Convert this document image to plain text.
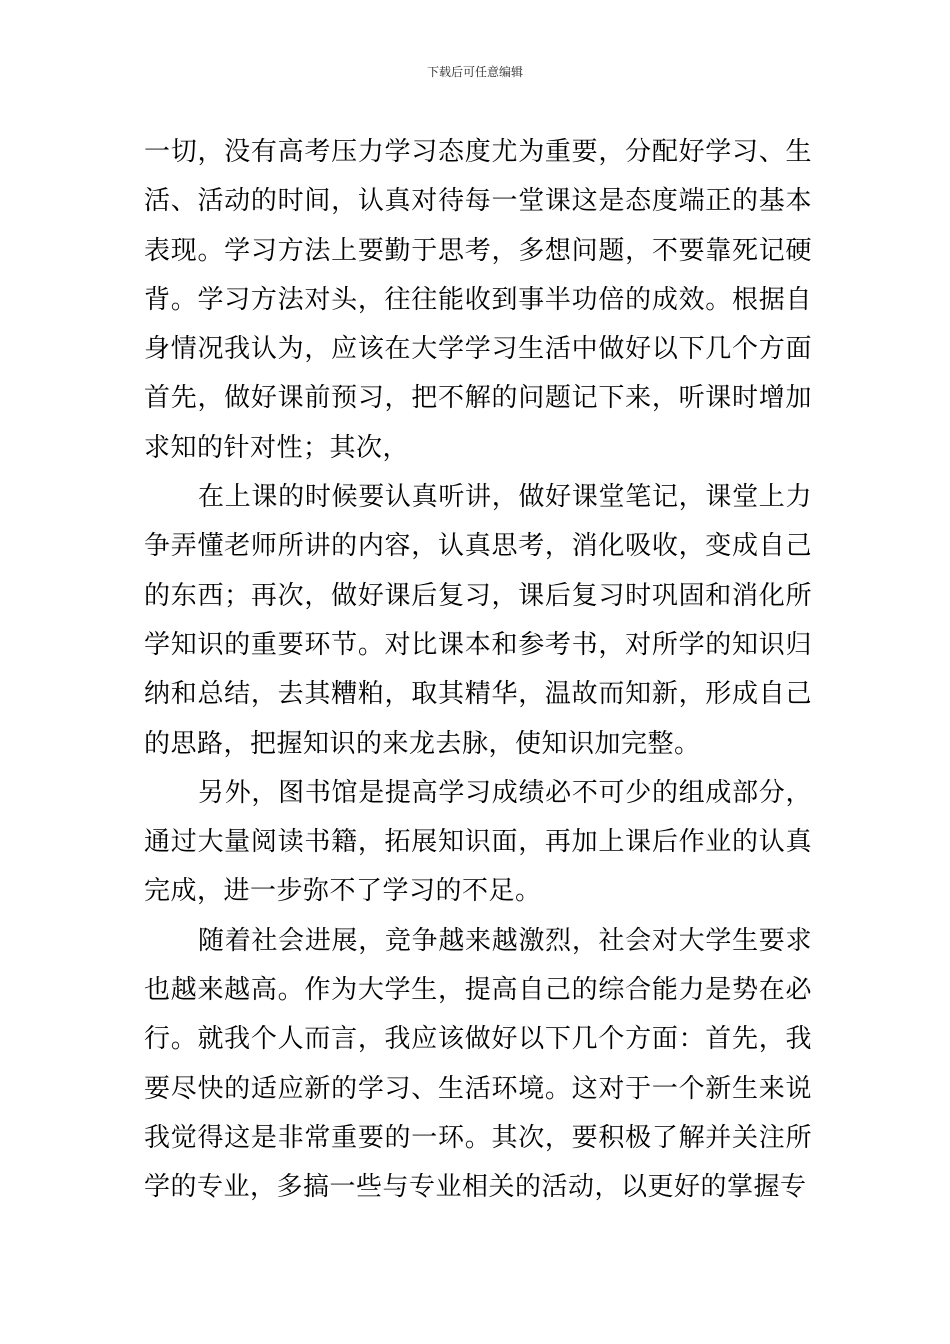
下载后可任意编辑

一切，没有高考压力学习态度尤为重要，分配好学习、生活、活动的时间，认真对待每一堂课这是态度端正的基本表现。学习方法上要勤于思考，多想问题，不要靠死记硬背。学习方法对头，往往能收到事半功倍的成效。根据自身情况我认为，应该在大学学习生活中做好以下几个方面首先，做好课前预习，把不解的问题记下来，听课时增加求知的针对性；其次，

在上课的时候要认真听讲，做好课堂笔记，课堂上力争弄懂老师所讲的内容，认真思考，消化吸收，变成自己的东西；再次，做好课后复习，课后复习时巩固和消化所学知识的重要环节。对比课本和参考书，对所学的知识归纳和总结，去其糟粕，取其精华，温故而知新，形成自己的思路，把握知识的来龙去脉，使知识加完整。

另外，图书馆是提高学习成绩必不可少的组成部分，通过大量阅读书籍，拓展知识面，再加上课后作业的认真完成，进一步弥不了学习的不足。

随着社会进展，竞争越来越激烈，社会对大学生要求也越来越高。作为大学生，提高自己的综合能力是势在必行。就我个人而言，我应该做好以下几个方面：首先，我要尽快的适应新的学习、生活环境。这对于一个新生来说我觉得这是非常重要的一环。其次，要积极了解并关注所学的专业，多搞一些与专业相关的活动，以更好的掌握专
